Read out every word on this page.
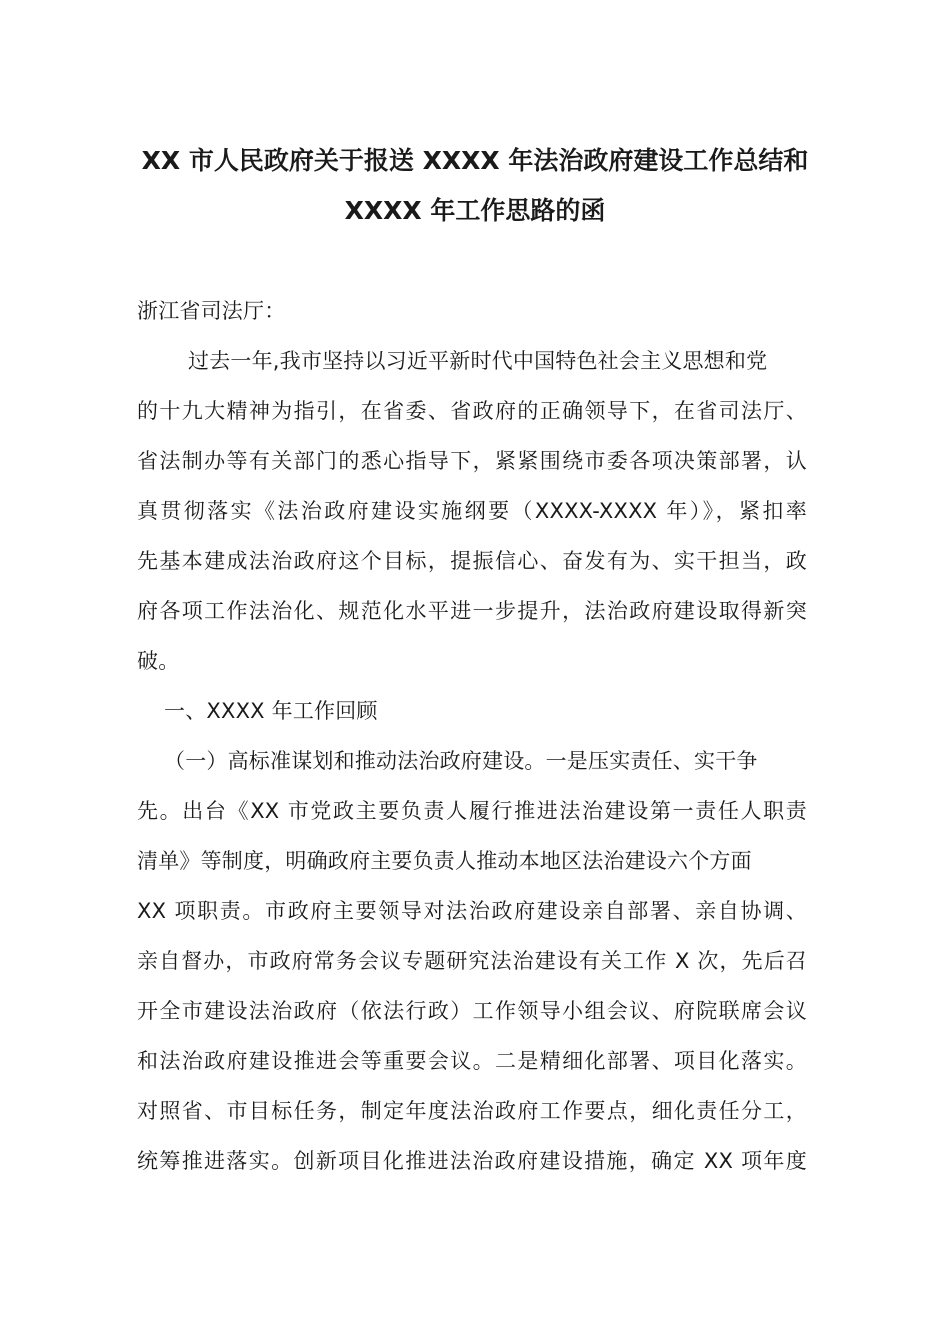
XX 市人民政府关于报送 XXXX 年法治政府建设工作总结和
XXXX 年工作思路的函
浙江省司法厅：
过去一年,我市坚持以习近平新时代中国特色社会主义思想和党
的十九大精神为指引，在省委、省政府的正确领导下，在省司法厅、
省法制办等有关部门的悉心指导下，紧紧围绕市委各项决策部署，认
真贯彻落实《法治政府建设实施纲要（XXXX-XXXX 年）》，紧扣率
先基本建成法治政府这个目标，提振信心、奋发有为、实干担当，政
府各项工作法治化、规范化水平进一步提升，法治政府建设取得新突
破。
一、XXXX 年工作回顾
（一）高标准谋划和推动法治政府建设。一是压实责任、实干争
先。出台《XX 市党政主要负责人履行推进法治建设第一责任人职责
清单》等制度，明确政府主要负责人推动本地区法治建设六个方面
XX 项职责。市政府主要领导对法治政府建设亲自部署、亲自协调、
亲自督办，市政府常务会议专题研究法治建设有关工作 X 次，先后召
开全市建设法治政府（依法行政）工作领导小组会议、府院联席会议
和法治政府建设推进会等重要会议。二是精细化部署、项目化落实。
对照省、市目标任务，制定年度法治政府工作要点，细化责任分工，
统筹推进落实。创新项目化推进法治政府建设措施，确定 XX 项年度
